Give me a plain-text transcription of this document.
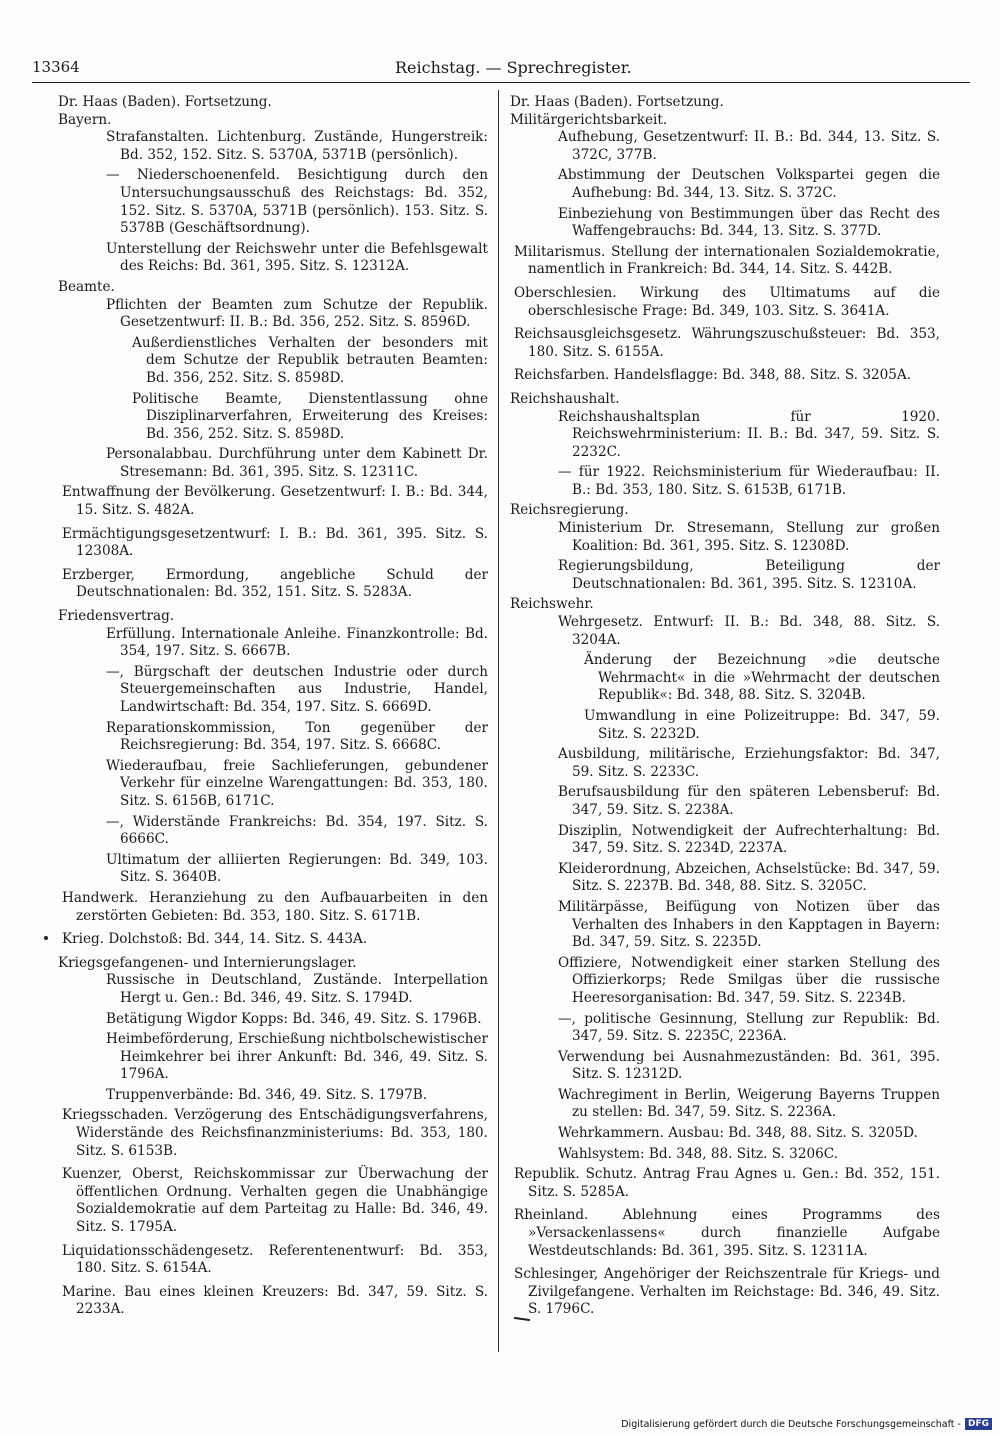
13364	Reichstag. — Sprechregister.

Dr. Haas (Baden). Fortsetzung.

Bayern.

Strafanstalten. Lichtenburg. Zustände, Hungerstreik: Bd. 352, 152. Sitz. S. 5370A, 5371B (persönlich).

— Niederschoenenfeld. Besichtigung durch den Untersuchungsausschuß des Reichstags: Bd. 352, 152. Sitz. S. 5370A, 5371B (persönlich). 153. Sitz. S. 5378B (Geschäftsordnung).

Unterstellung der Reichswehr unter die Befehlsgewalt des Reichs: Bd. 361, 395. Sitz. S. 12312A.

Beamte.

Pflichten der Beamten zum Schutze der Republik. Gesetzentwurf: II. B.: Bd. 356, 252. Sitz. S. 8596D.

Außerdienstliches Verhalten der besonders mit dem Schutze der Republik betrauten Beamten: Bd. 356, 252. Sitz. S. 8598D.

Politische Beamte, Dienstentlassung ohne Disziplinarverfahren, Erweiterung des Kreises: Bd. 356, 252. Sitz. S. 8598D.

Personalabbau. Durchführung unter dem Kabinett Dr. Stresemann: Bd. 361, 395. Sitz. S. 12311C.

Entwaffnung der Bevölkerung. Gesetzentwurf: I. B.: Bd. 344, 15. Sitz. S. 482A.

Ermächtigungsgesetzentwurf: I. B.: Bd. 361, 395. Sitz. S. 12308A.

Erzberger, Ermordung, angebliche Schuld der Deutschnationalen: Bd. 352, 151. Sitz. S. 5283A.

Friedensvertrag.

Erfüllung. Internationale Anleihe. Finanzkontrolle: Bd. 354, 197. Sitz. S. 6667B.

—, Bürgschaft der deutschen Industrie oder durch Steuergemeinschaften aus Industrie, Handel, Landwirtschaft: Bd. 354, 197. Sitz. S. 6669D.

Reparationskommission, Ton gegenüber der Reichsregierung: Bd. 354, 197. Sitz. S. 6668C.

Wiederaufbau, freie Sachlieferungen, gebundener Verkehr für einzelne Warengattungen: Bd. 353, 180. Sitz. S. 6156B, 6171C.

—, Widerstände Frankreichs: Bd. 354, 197. Sitz. S. 6666C.

Ultimatum der alliierten Regierungen: Bd. 349, 103. Sitz. S. 3640B.

Handwerk. Heranziehung zu den Aufbauarbeiten in den zerstörten Gebieten: Bd. 353, 180. Sitz. S. 6171B.

Krieg. Dolchstoß: Bd. 344, 14. Sitz. S. 443A.

Kriegsgefangenen- und Internierungslager.

Russische in Deutschland, Zustände. Interpellation Hergt u. Gen.: Bd. 346, 49. Sitz. S. 1794D.

Betätigung Wigdor Kopps: Bd. 346, 49. Sitz. S. 1796B.

Heimbeförderung, Erschießung nichtbolschewistischer Heimkehrer bei ihrer Ankunft: Bd. 346, 49. Sitz. S. 1796A.

Truppenverbände: Bd. 346, 49. Sitz. S. 1797B.

Kriegsschaden. Verzögerung des Entschädigungsverfahrens, Widerstände des Reichsfinanzministeriums: Bd. 353, 180. Sitz. S. 6153B.

Kuenzer, Oberst, Reichskommissar zur Überwachung der öffentlichen Ordnung. Verhalten gegen die Unabhängige Sozialdemokratie auf dem Parteitag zu Halle: Bd. 346, 49. Sitz. S. 1795A.

Liquidationsschädengesetz. Referentenentwurf: Bd. 353, 180. Sitz. S. 6154A.

Marine. Bau eines kleinen Kreuzers: Bd. 347, 59. Sitz. S. 2233A.

Dr. Haas (Baden). Fortsetzung.

Militärgerichtsbarkeit.

Aufhebung, Gesetzentwurf: II. B.: Bd. 344, 13. Sitz. S. 372C, 377B.

Abstimmung der Deutschen Volkspartei gegen die Aufhebung: Bd. 344, 13. Sitz. S. 372C.

Einbeziehung von Bestimmungen über das Recht des Waffengebrauchs: Bd. 344, 13. Sitz. S. 377D.

Militarismus. Stellung der internationalen Sozialdemokratie, namentlich in Frankreich: Bd. 344, 14. Sitz. S. 442B.

Oberschlesien. Wirkung des Ultimatums auf die oberschlesische Frage: Bd. 349, 103. Sitz. S. 3641A.

Reichsausgleichsgesetz. Währungszuschußsteuer: Bd. 353, 180. Sitz. S. 6155A.

Reichsfarben. Handelsflagge: Bd. 348, 88. Sitz. S. 3205A.

Reichshaushalt.

Reichshaushaltsplan für 1920. Reichswehrministerium: II. B.: Bd. 347, 59. Sitz. S. 2232C.

— für 1922. Reichsministerium für Wiederaufbau: II. B.: Bd. 353, 180. Sitz. S. 6153B, 6171B.

Reichsregierung.

Ministerium Dr. Stresemann, Stellung zur großen Koalition: Bd. 361, 395. Sitz. S. 12308D.

Regierungsbildung, Beteiligung der Deutschnationalen: Bd. 361, 395. Sitz. S. 12310A.

Reichswehr.

Wehrgesetz. Entwurf: II. B.: Bd. 348, 88. Sitz. S. 3204A.

Änderung der Bezeichnung »die deutsche Wehrmacht« in die »Wehrmacht der deutschen Republik«: Bd. 348, 88. Sitz. S. 3204B.

Umwandlung in eine Polizeitruppe: Bd. 347, 59. Sitz. S. 2232D.

Ausbildung, militärische, Erziehungsfaktor: Bd. 347, 59. Sitz. S. 2233C.

Berufsausbildung für den späteren Lebensberuf: Bd. 347, 59. Sitz. S. 2238A.

Disziplin, Notwendigkeit der Aufrechterhaltung: Bd. 347, 59. Sitz. S. 2234D, 2237A.

Kleiderordnung, Abzeichen, Achselstücke: Bd. 347, 59. Sitz. S. 2237B. Bd. 348, 88. Sitz. S. 3205C.

Militärpässe, Beifügung von Notizen über das Verhalten des Inhabers in den Kapptagen in Bayern: Bd. 347, 59. Sitz. S. 2235D.

Offiziere, Notwendigkeit einer starken Stellung des Offizierkorps; Rede Smilgas über die russische Heeresorganisation: Bd. 347, 59. Sitz. S. 2234B.

—, politische Gesinnung, Stellung zur Republik: Bd. 347, 59. Sitz. S. 2235C, 2236A.

Verwendung bei Ausnahmezuständen: Bd. 361, 395. Sitz. S. 12312D.

Wachregiment in Berlin, Weigerung Bayerns Truppen zu stellen: Bd. 347, 59. Sitz. S. 2236A.

Wehrkammern. Ausbau: Bd. 348, 88. Sitz. S. 3205D.

Wahlsystem: Bd. 348, 88. Sitz. S. 3206C.

Republik. Schutz. Antrag Frau Agnes u. Gen.: Bd. 352, 151. Sitz. S. 5285A.

Rheinland. Ablehnung eines Programms des »Versackenlassens« durch finanzielle Aufgabe Westdeutschlands: Bd. 361, 395. Sitz. S. 12311A.

Schlesinger, Angehöriger der Reichszentrale für Kriegs- und Zivilgefangene. Verhalten im Reichstage: Bd. 346, 49. Sitz. S. 1796C.

Digitalisierung gefördert durch die Deutsche Forschungsgemeinschaft - DFG
